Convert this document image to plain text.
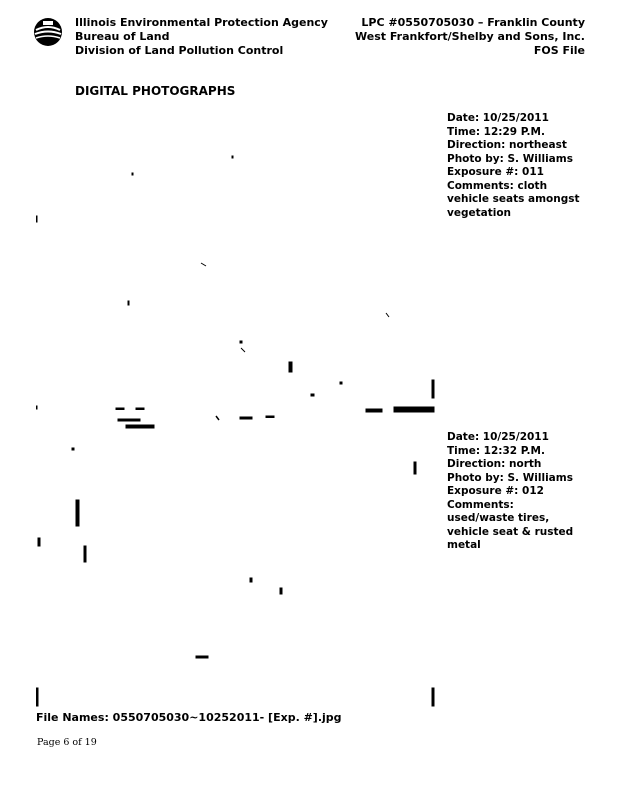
Illinois Environmental Protection Agency
Bureau of Land
Division of Land Pollution Control
LPC #0550705030 – Franklin County
West Frankfort/Shelby and Sons, Inc.
FOS File
DIGITAL PHOTOGRAPHS
Date: 10/25/2011
Time: 12:29 P.M.
Direction: northeast
Photo by: S. Williams
Exposure #: 011
Comments: cloth
vehicle seats amongst
vegetation
Date: 10/25/2011
Time: 12:32 P.M.
Direction: north
Photo by: S. Williams
Exposure #: 012
Comments:
used/waste tires,
vehicle seat & rusted
metal
File Names: 0550705030~10252011- [Exp. #].jpg
Page 6 of 19
